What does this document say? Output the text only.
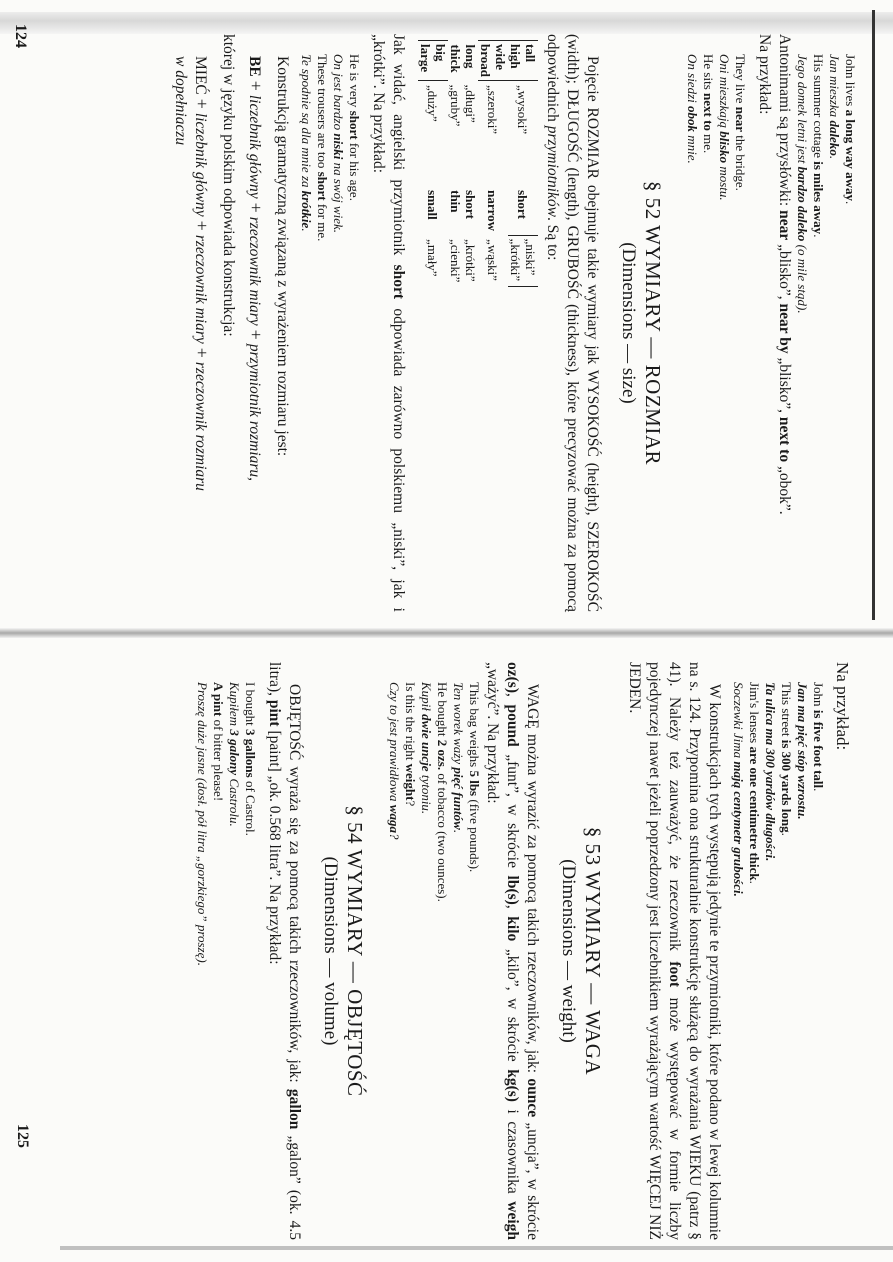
John lives a long way away.
Jan mieszka daleko.
His summer cottage is miles away.
Jego domek letni jest bardzo daleko (o mile stąd).
Antonimami są przysłówki: near „blisko”, near by „blisko”, next to „obok”.
Na przykład:
They live near the bridge.
Oni mieszkają blisko mostu.
He sits next to me.
On siedzi obok mnie.
§ 52 WYMIARY — ROZMIAR
(Dimensions — size)
Pojęcie ROZMIAR obejmuje takie wymiary jak WYSOKOŚĆ (height), SZEROKOŚĆ (width); DŁUGOŚĆ (length), GRUBOŚĆ (thickness), które precyzować można za pomocą odpowiednich przymiotników. Są to:
tall
high	„wysoki”		short	„niski”
„krótki”
wide
broad	„szeroki”		narrow	„wąski”
long	„długi”		short	„krótki”
thick	„gruby”		thin	„cienki”
big
large	„duży”		small	„mały”
Jak widać, angielski przymiotnik short odpowiada zarówno polskiemu „niski”, jak i „krótki”. Na przykład:
He is very short for his age.
On jest bardzo niski na swój wiek.
These trousers are too short for me.
Te spodnie są dla mnie za krótkie.
Konstrukcją gramatyczną związaną z wyrażeniem rozmiaru jest:
BE+liczebnik główny+rzeczownik miary+przymiotnik rozmiaru,
której w języku polskim odpowiada konstrukcja:
MIEĆ+liczebnik główny+rzeczownik miary+rzeczownik rozmiaru
w dopełniaczu
124
Na przykład:
John is five foot tall.
Jan ma pięć stóp wzrostu.
This street is 300 yards long.
Ta ulica ma 300 yardów długości.
Jim's lenses are one centimetre thick.
Soczewki Jima mają centymetr grubości.
W konstrukcjach tych występują jedynie te przymiotniki, które podano w lewej kolumnie na s. 124. Przypomina ona strukturalnie konstrukcję służącą do wyrażania WIEKU (patrz § 41). Należy też zauważyć, że rzeczownik foot może występować w formie liczby pojedynczej nawet jeżeli poprzedzony jest liczebnikiem wyrażającym wartość WIĘCEJ NIŻ JEDEN.
§ 53 WYMIARY — WAGA
(Dimensions — weight)
WAGĘ można wyrazić za pomocą takich rzeczowników, jak: ounce „uncja”, w skrócie oz(s), pound „funt”, w skrócie lb(s), kilo „kilo”, w skrócie kg(s) i czasownika weigh „ważyć”. Na przykład:
This bag weighs 5 lbs (five pounds).
Ten worek waży pięć funtów.
He bought 2 ozs. of tobacco (two ounces).
Kupił dwie uncje tytoniu.
Is this the right weight?
Czy to jest prawidłowa waga?
§ 54 WYMIARY — OBJĘTOŚĆ
(Dimensions — volume)
OBJĘTOŚĆ wyraża się za pomocą takich rzeczowników, jak: gallon „galon” (ok. 4.5 litra), pint [paint] „ok. 0.568 litra”. Na przykład:
I bought 3 gallons of Castrol.
Kupiłem 3 galony Castrolu.
A pint of bitter please!
Proszę duże jasne (dosł. pół litra „gorzkiego” proszę).
125
